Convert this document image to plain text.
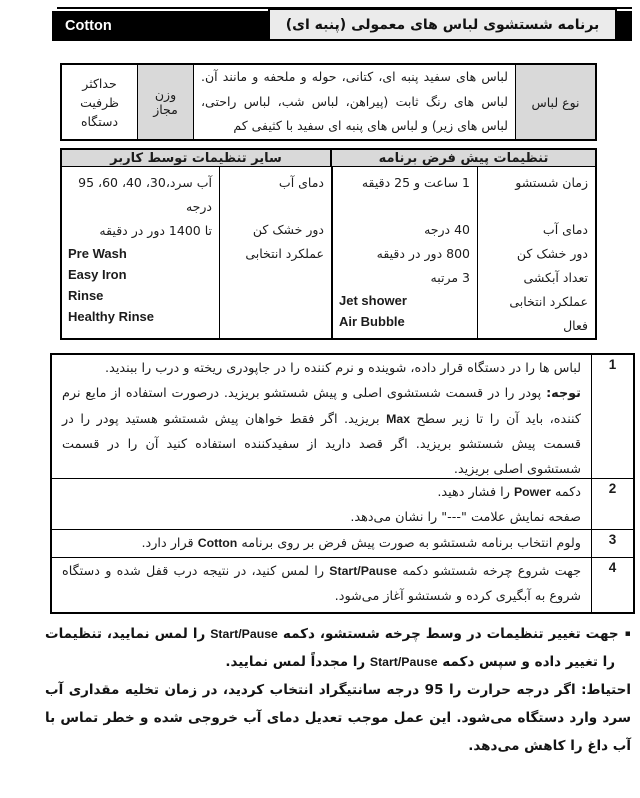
Cotton	برنامه شستشوی لباس های معمولی (پنبه ای)
نوع لباس
لباس های سفید پنبه ای، کتانی، حوله و ملحفه و مانند آن. لباس های رنگ ثابت (پیراهن، لباس شب، لباس راحتی، لباس های زیر) و لباس های پنبه ای سفید با کثیفی کم
وزن مجاز
حداکثر ظرفیت دستگاه
تنظیمات پیش فرض برنامه
سایر تنظیمات توسط کاربر
زمان شستشو
دمای آب
دور خشک کن
تعداد آبکشی
عملکرد انتخابی فعال
1 ساعت و 25 دقیقه
40 درجه
800 دور در دقیقه
3 مرتبه
Jet shower
Air Bubble
دمای آب
دور خشک کن
عملکرد انتخابی
آب سرد،30، 40، 60، 95 درجه
تا 1400 دور در دقیقه
Pre Wash
Easy Iron
Rinse
Healthy Rinse
1
لباس ها را در دستگاه قرار داده، شوینده و نرم کننده را در جاپودری ریخته و درب را ببندید.
توجه: پودر را در قسمت شستشوی اصلی و پیش شستشو بریزید. درصورت استفاده از مایع نرم کننده، باید آن را تا زیر سطح Max بریزید. اگر فقط خواهان پیش شستشو هستید پودر را در قسمت پیش شستشو بریزید. اگر قصد دارید از سفیدکننده استفاده کنید آن را در قسمت شستشوی اصلی بریزید.
2
دکمه Power را فشار دهید.
صفحه نمایش علامت "---" را نشان می‌دهد.
3
ولوم انتخاب برنامه شستشو به صورت پیش فرض بر روی برنامه Cotton قرار دارد.
4
جهت شروع چرخه شستشو دکمه Start/Pause را لمس کنید، در نتیجه درب قفل شده و دستگاه شروع به آبگیری کرده و شستشو آغاز می‌شود.

▪جهت تغییر تنظیمات در وسط چرخه شستشو، دکمه Start/Pause را لمس نمایید، تنظیمات را تغییر داده و سپس دکمه Start/Pause را مجدداً لمس نمایید.

احتیاط: اگر درجه حرارت را 95 درجه سانتیگراد انتخاب کردید، در زمان تخلیه مقداری آب سرد وارد دستگاه می‌شود. این عمل موجب تعدیل دمای آب خروجی شده و خطر تماس با آب داغ را کاهش می‌دهد.
